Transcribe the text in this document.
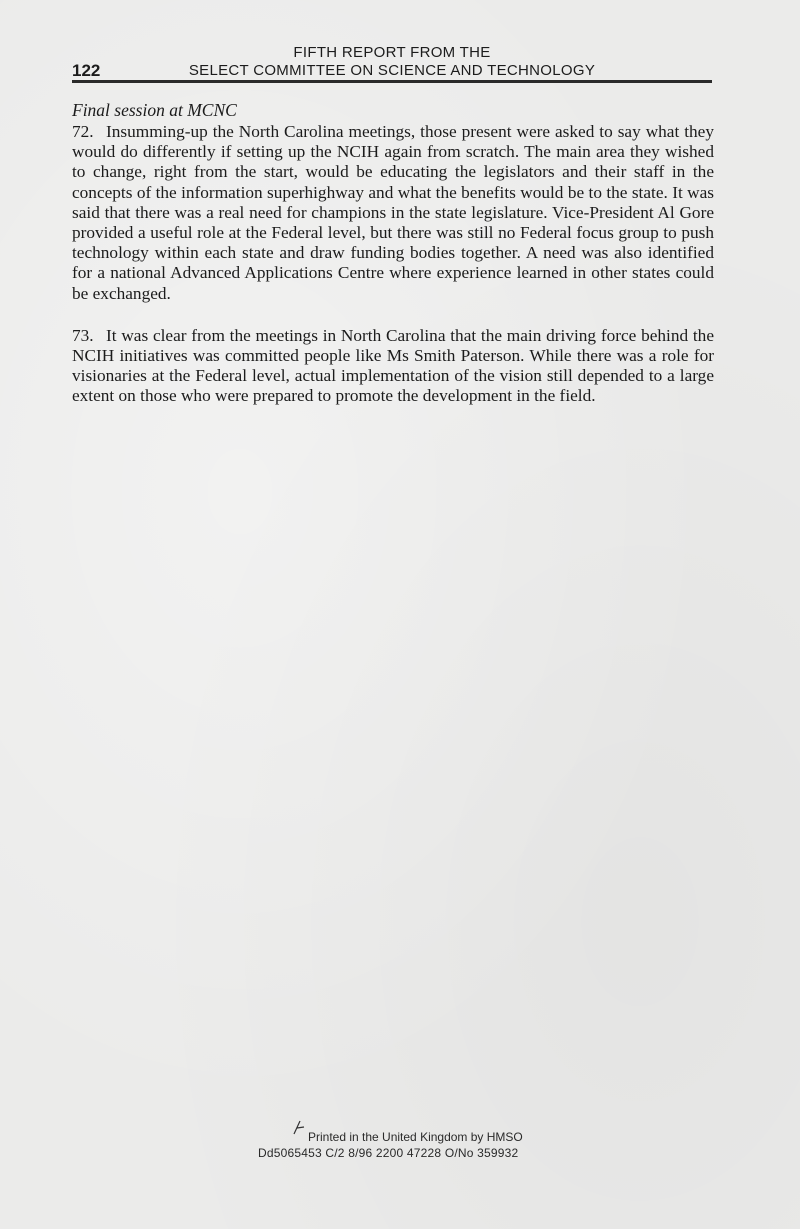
FIFTH REPORT FROM THE
122	SELECT COMMITTEE ON SCIENCE AND TECHNOLOGY
Final session at MCNC

72. Insumming-up the North Carolina meetings, those present were asked to say what they would do differently if setting up the NCIH again from scratch. The main area they wished to change, right from the start, would be educating the legislators and their staff in the concepts of the information superhighway and what the benefits would be to the state. It was said that there was a real need for champions in the state legislature. Vice-President Al Gore provided a useful role at the Federal level, but there was still no Federal focus group to push technology within each state and draw funding bodies together. A need was also identified for a national Advanced Applications Centre where experience learned in other states could be exchanged.

73. It was clear from the meetings in North Carolina that the main driving force behind the NCIH initiatives was committed people like Ms Smith Paterson. While there was a role for visionaries at the Federal level, actual implementation of the vision still depended to a large extent on those who were prepared to promote the development in the field.

Printed in the United Kingdom by HMSO
Dd5065453 C/2 8/96 2200 47228 O/No 359932
